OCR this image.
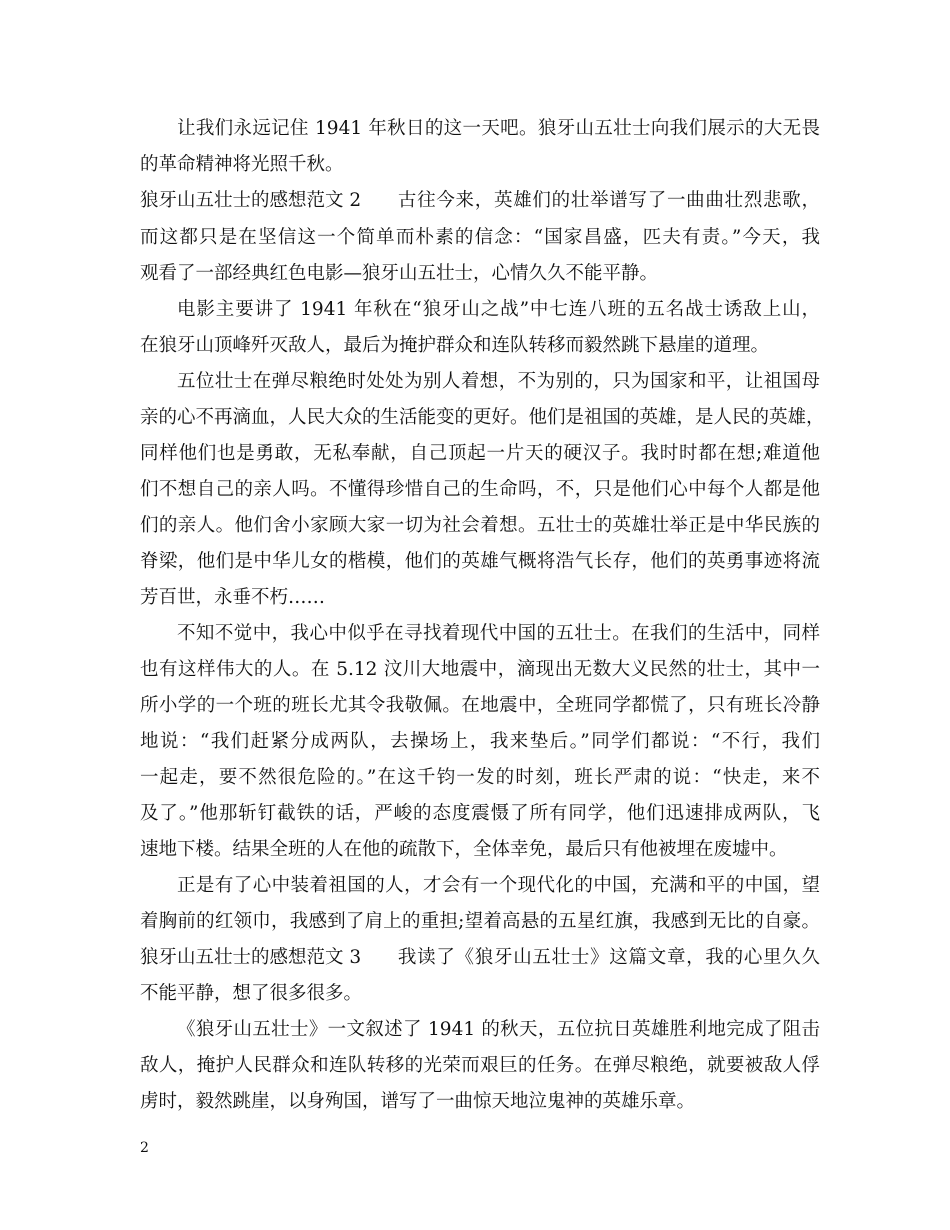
让我们永远记住 1941 年秋日的这一天吧。狼牙山五壮士向我们展示的大无畏
的革命精神将光照千秋。
狼牙山五壮士的感想范文 2 古往今来，英雄们的壮举谱写了一曲曲壮烈悲歌，
而这都只是在坚信这一个简单而朴素的信念：“国家昌盛，匹夫有责。”今天，我
观看了一部经典红色电影—狼牙山五壮士，心情久久不能平静。
电影主要讲了 1941 年秋在“狼牙山之战”中七连八班的五名战士诱敌上山，
在狼牙山顶峰歼灭敌人，最后为掩护群众和连队转移而毅然跳下悬崖的道理。
五位壮士在弹尽粮绝时处处为别人着想，不为别的，只为国家和平，让祖国母
亲的心不再滴血，人民大众的生活能变的更好。他们是祖国的英雄，是人民的英雄，
同样他们也是勇敢，无私奉献，自己顶起一片天的硬汉子。我时时都在想;难道他
们不想自己的亲人吗。不懂得珍惜自己的生命吗，不，只是他们心中每个人都是他
们的亲人。他们舍小家顾大家一切为社会着想。五壮士的英雄壮举正是中华民族的
脊梁，他们是中华儿女的楷模，他们的英雄气概将浩气长存，他们的英勇事迹将流
芳百世，永垂不朽……
不知不觉中，我心中似乎在寻找着现代中国的五壮士。在我们的生活中，同样
也有这样伟大的人。在 5.12 汶川大地震中，滴现出无数大义民然的壮士，其中一
所小学的一个班的班长尤其令我敬佩。在地震中，全班同学都慌了，只有班长冷静
地说：“我们赶紧分成两队，去操场上，我来垫后。”同学们都说：“不行，我们
一起走，要不然很危险的。”在这千钧一发的时刻，班长严肃的说：“快走，来不
及了。”他那斩钉截铁的话，严峻的态度震慑了所有同学，他们迅速排成两队，飞
速地下楼。结果全班的人在他的疏散下，全体幸免，最后只有他被埋在废墟中。
正是有了心中装着祖国的人，才会有一个现代化的中国，充满和平的中国，望
着胸前的红领巾，我感到了肩上的重担;望着高悬的五星红旗，我感到无比的自豪。
狼牙山五壮士的感想范文 3 我读了《狼牙山五壮士》这篇文章，我的心里久久
不能平静，想了很多很多。
《狼牙山五壮士》一文叙述了 1941 的秋天，五位抗日英雄胜利地完成了阻击
敌人，掩护人民群众和连队转移的光荣而艰巨的任务。在弹尽粮绝，就要被敌人俘
虏时，毅然跳崖，以身殉国，谱写了一曲惊天地泣鬼神的英雄乐章。
2
